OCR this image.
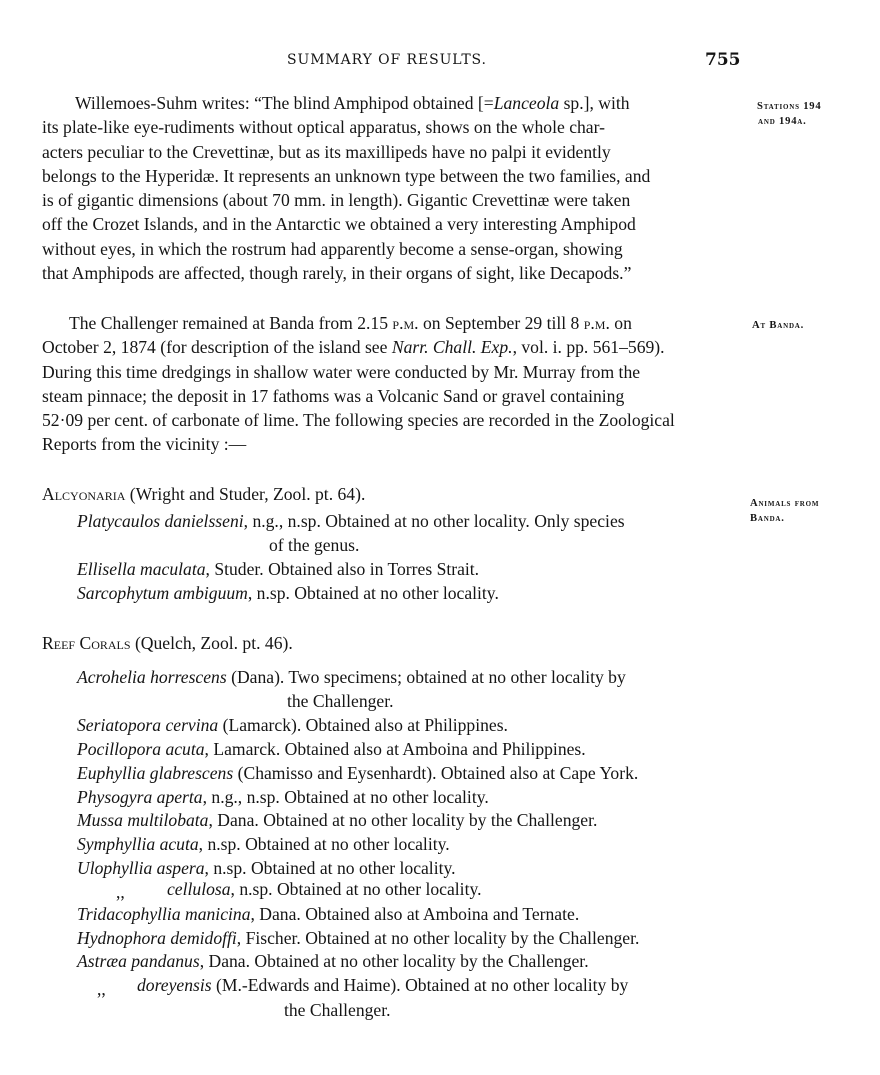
SUMMARY OF RESULTS.	755
Stations 194
and 194a.
At Banda.
Animals from
Banda.
Willemoes-Suhm writes: “The blind Amphipod obtained [=Lanceola sp.], with
its plate-like eye-rudiments without optical apparatus, shows on the whole char-
acters peculiar to the Crevettinæ, but as its maxillipeds have no palpi it evidently
belongs to the Hyperidæ. It represents an unknown type between the two families, and
is of gigantic dimensions (about 70 mm. in length). Gigantic Crevettinæ were taken
off the Crozet Islands, and in the Antarctic we obtained a very interesting Amphipod
without eyes, in which the rostrum had apparently become a sense-organ, showing
that Amphipods are affected, though rarely, in their organs of sight, like Decapods.”
The Challenger remained at Banda from 2.15 p.m. on September 29 till 8 p.m. on
October 2, 1874 (for description of the island see Narr. Chall. Exp., vol. i. pp. 561–569).
During this time dredgings in shallow water were conducted by Mr. Murray from the
steam pinnace; the deposit in 17 fathoms was a Volcanic Sand or gravel containing
52·09 per cent. of carbonate of lime. The following species are recorded in the Zoological
Reports from the vicinity :—
Alcyonaria (Wright and Studer, Zool. pt. 64).
Platycaulos danielsseni, n.g., n.sp. Obtained at no other locality. Only species
of the genus.
Ellisella maculata, Studer. Obtained also in Torres Strait.
Sarcophytum ambiguum, n.sp. Obtained at no other locality.
Reef Corals (Quelch, Zool. pt. 46).
Acrohelia horrescens (Dana). Two specimens; obtained at no other locality by
the Challenger.
Seriatopora cervina (Lamarck). Obtained also at Philippines.
Pocillopora acuta, Lamarck. Obtained also at Amboina and Philippines.
Euphyllia glabrescens (Chamisso and Eysenhardt). Obtained also at Cape York.
Physogyra aperta, n.g., n.sp. Obtained at no other locality.
Mussa multilobata, Dana. Obtained at no other locality by the Challenger.
Symphyllia acuta, n.sp. Obtained at no other locality.
Ulophyllia aspera, n.sp. Obtained at no other locality.
,, cellulosa, n.sp. Obtained at no other locality.
Tridacophyllia manicina, Dana. Obtained also at Amboina and Ternate.
Hydnophora demidoffi, Fischer. Obtained at no other locality by the Challenger.
Astræa pandanus, Dana. Obtained at no other locality by the Challenger.
,, doreyensis (M.-Edwards and Haime). Obtained at no other locality by
the Challenger.
